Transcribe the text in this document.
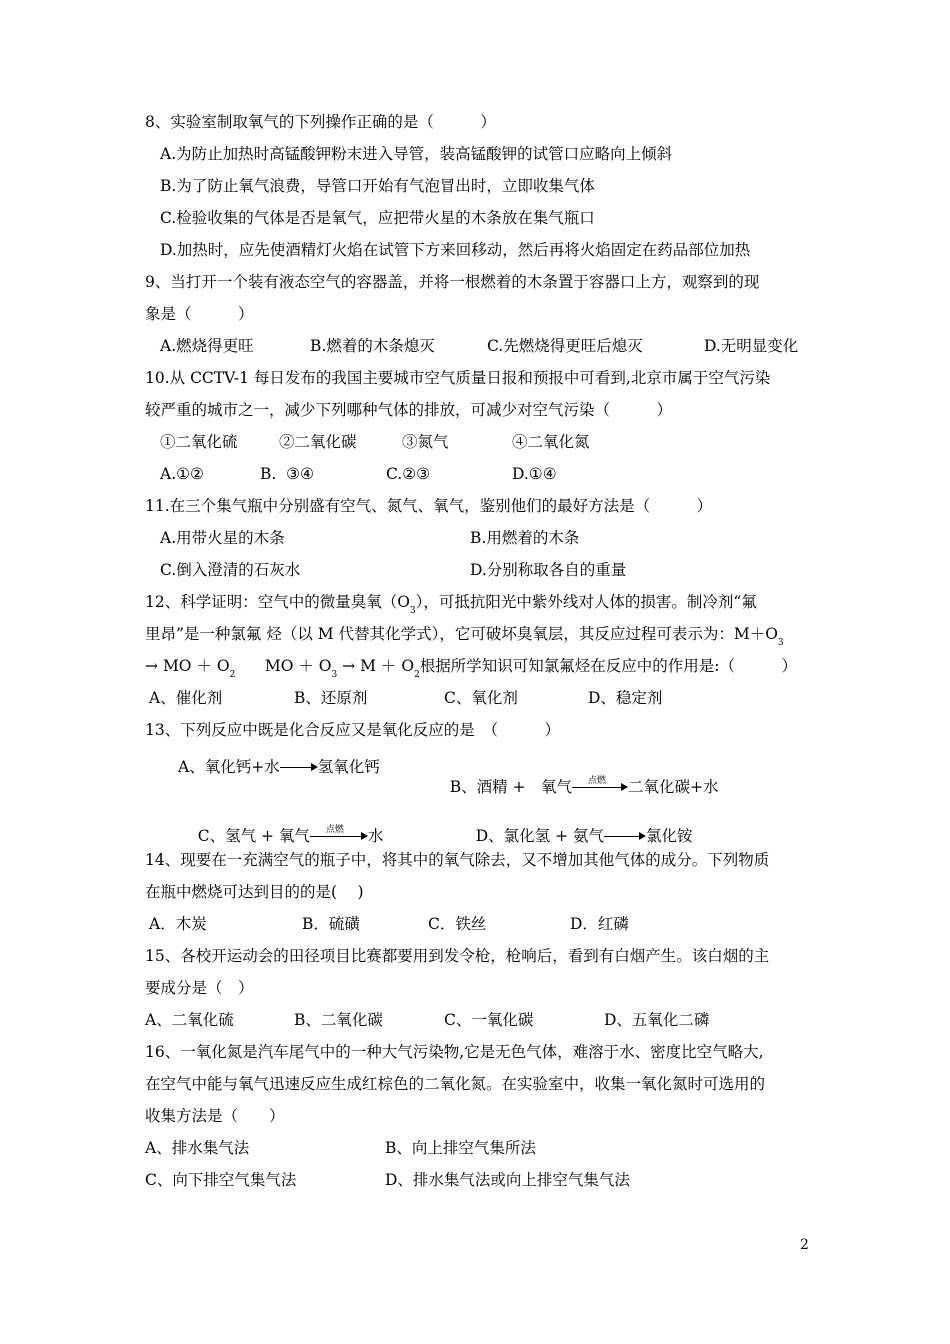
8、实验室制取氧气的下列操作正确的是（　　　）
A.为防止加热时高锰酸钾粉末进入导管，装高锰酸钾的试管口应略向上倾斜
B.为了防止氧气浪费，导管口开始有气泡冒出时，立即收集气体
C.检验收集的气体是否是氧气，应把带火星的木条放在集气瓶口
D.加热时，应先使酒精灯火焰在试管下方来回移动，然后再将火焰固定在药品部位加热
9、当打开一个装有液态空气的容器盖，并将一根燃着的木条置于容器口上方，观察到的现
象是（　　　）
A.燃烧得更旺	B.燃着的木条熄灭	C.先燃烧得更旺后熄灭	D.无明显变化
10.从 CCTV-1 每日发布的我国主要城市空气质量日报和预报中可看到,北京市属于空气污染
较严重的城市之一，减少下列哪种气体的排放，可减少对空气污染（　　　）
①二氧化硫	②二氧化碳	③氮气	④二氧化氮
A.①②	B.  ③④	C.②③	D.①④
11.在三个集气瓶中分别盛有空气、氮气、氧气，鉴别他们的最好方法是（　　　）
A.用带火星的木条	B.用燃着的木条
C.倒入澄清的石灰水	D.分别称取各自的重量
12、科学证明：空气中的微量臭氧$(O_3)$，可抵抗阳光中紫外线对人体的损害。制冷剂“氟
里昂”是一种氯氟 烃（以 M 代替其化学式），它可破坏臭氧层，其反应过程可表示为：$M+O_3$
→ MO ＋ $O_2$ MO ＋ $O_3 \to M + O_2$根据所学知识可知氯氟烃在反应中的作用是:（　　　）
A、催化剂	B、还原剂	C、氧化剂	D、稳定剂
13、下列反应中既是化合反应又是氧化反应的是　（　　　）
A、氧化钙+水 氢氧化钙

B、酒精 +　氧气 点燃 二氧化碳+水

C、氢气 + 氧气 点燃 水
	D、氯化氢 + 氨气	氯化铵

14、现要在一充满空气的瓶子中，将其中的氧气除去，又不增加其他气体的成分。下列物质
在瓶中燃烧可达到目的的是(　 )
A．木炭	B．硫磺	C．铁丝	D．红磷
15、各校开运动会的田径项目比赛都要用到发令枪，枪响后，看到有白烟产生。该白烟的主
要成分是（　）
A、二氧化硫	B、二氧化碳	C、一氧化碳	D、五氧化二磷
16、一氧化氮是汽车尾气中的一种大气污染物,它是无色气体，难溶于水、密度比空气略大,
在空气中能与氧气迅速反应生成红棕色的二氧化氮。在实验室中，收集一氧化氮时可选用的
收集方法是（　　）
A、排水集气法	B、向上排空气集所法
C、向下排空气集气法	D、排水集气法或向上排空气集气法
2
